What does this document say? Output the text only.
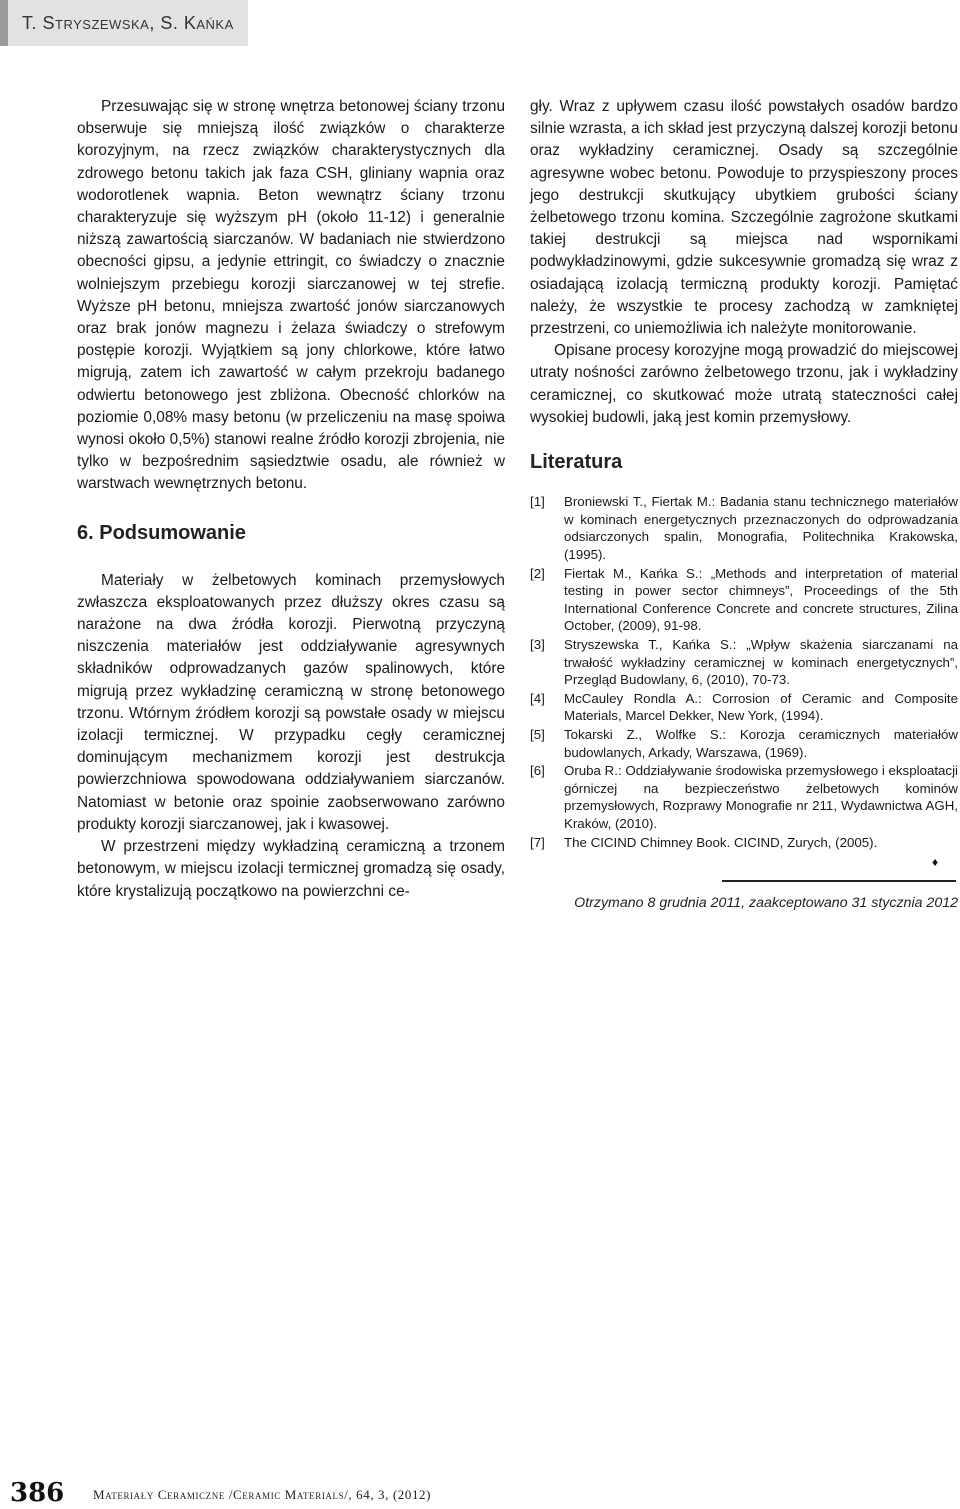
T. Stryszewska, S. Kańka

Przesuwając się w stronę wnętrza betonowej ściany trzonu obserwuje się mniejszą ilość związków o charakterze korozyjnym, na rzecz związków charakterystycznych dla zdrowego betonu takich jak faza CSH, gliniany wapnia oraz wodorotlenek wapnia. Beton wewnątrz ściany trzonu charakteryzuje się wyższym pH (około 11-12) i generalnie niższą zawartością siarczanów. W badaniach nie stwierdzono obecności gipsu, a jedynie ettringit, co świadczy o znacznie wolniejszym przebiegu korozji siarczanowej w tej strefie. Wyższe pH betonu, mniejsza zwartość jonów siarczanowych oraz brak jonów magnezu i żelaza świadczy o strefowym postępie korozji. Wyjątkiem są jony chlorkowe, które łatwo migrują, zatem ich zawartość w całym przekroju badanego odwiertu betonowego jest zbliżona. Obecność chlorków na poziomie 0,08% masy betonu (w przeliczeniu na masę spoiwa wynosi około 0,5%) stanowi realne źródło korozji zbrojenia, nie tylko w bezpośrednim sąsiedztwie osadu, ale również w warstwach wewnętrznych betonu.

6. Podsumowanie

Materiały w żelbetowych kominach przemysłowych zwłaszcza eksploatowanych przez dłuższy okres czasu są narażone na dwa źródła korozji. Pierwotną przyczyną niszczenia materiałów jest oddziaływanie agresywnych składników odprowadzanych gazów spalinowych, które migrują przez wykładzinę ceramiczną w stronę betonowego trzonu. Wtórnym źródłem korozji są powstałe osady w miejscu izolacji termicznej. W przypadku cegły ceramicznej dominującym mechanizmem korozji jest destrukcja powierzchniowa spowodowana oddziaływaniem siarczanów. Natomiast w betonie oraz spoinie zaobserwowano zarówno produkty korozji siarczanowej, jak i kwasowej.

W przestrzeni między wykładziną ceramiczną a trzonem betonowym, w miejscu izolacji termicznej gromadzą się osady, które krystalizują początkowo na powierzchni ce-

gły. Wraz z upływem czasu ilość powstałych osadów bardzo silnie wzrasta, a ich skład jest przyczyną dalszej korozji betonu oraz wykładziny ceramicznej. Osady są szczególnie agresywne wobec betonu. Powoduje to przyspieszony proces jego destrukcji skutkujący ubytkiem grubości ściany żelbetowego trzonu komina. Szczególnie zagrożone skutkami takiej destrukcji są miejsca nad wspornikami podwykładzinowymi, gdzie sukcesywnie gromadzą się wraz z osiadającą izolacją termiczną produkty korozji. Pamiętać należy, że wszystkie te procesy zachodzą w zamkniętej przestrzeni, co uniemożliwia ich należyte monitorowanie.

Opisane procesy korozyjne mogą prowadzić do miejscowej utraty nośności zarówno żelbetowego trzonu, jak i wykładziny ceramicznej, co skutkować może utratą stateczności całej wysokiej budowli, jaką jest komin przemysłowy.

Literatura
[1]	Broniewski T., Fiertak M.: Badania stanu technicznego materiałów w kominach energetycznych przeznaczonych do odprowadzania odsiarczonych spalin, Monografia, Politechnika Krakowska, (1995).
[2]	Fiertak M., Kańka S.: „Methods and interpretation of material testing in power sector chimneys”, Proceedings of the 5th International Conference Concrete and concrete structures, Zilina October, (2009), 91-98.
[3]	Stryszewska T., Kańka S.: „Wpływ skażenia siarczanami na trwałość wykładziny ceramicznej w kominach energetycznych”, Przegląd Budowlany, 6, (2010), 70-73.
[4]	McCauley Rondla A.: Corrosion of Ceramic and Composite Materials, Marcel Dekker, New York, (1994).
[5]	Tokarski Z., Wolfke S.: Korozja ceramicznych materiałów budowlanych, Arkady, Warszawa, (1969).
[6]	Oruba R.: Oddziaływanie środowiska przemysłowego i eksploatacji górniczej na bezpieczeństwo żelbetowych kominów przemysłowych, Rozprawy Monografie nr 211, Wydawnictwa AGH, Kraków, (2010).
[7]	The CICIND Chimney Book. CICIND, Zurych, (2005).
♦
Otrzymano 8 grudnia 2011, zaakceptowano 31 stycznia 2012
386 Materiały Ceramiczne /Ceramic Materials/, 64, 3, (2012)
